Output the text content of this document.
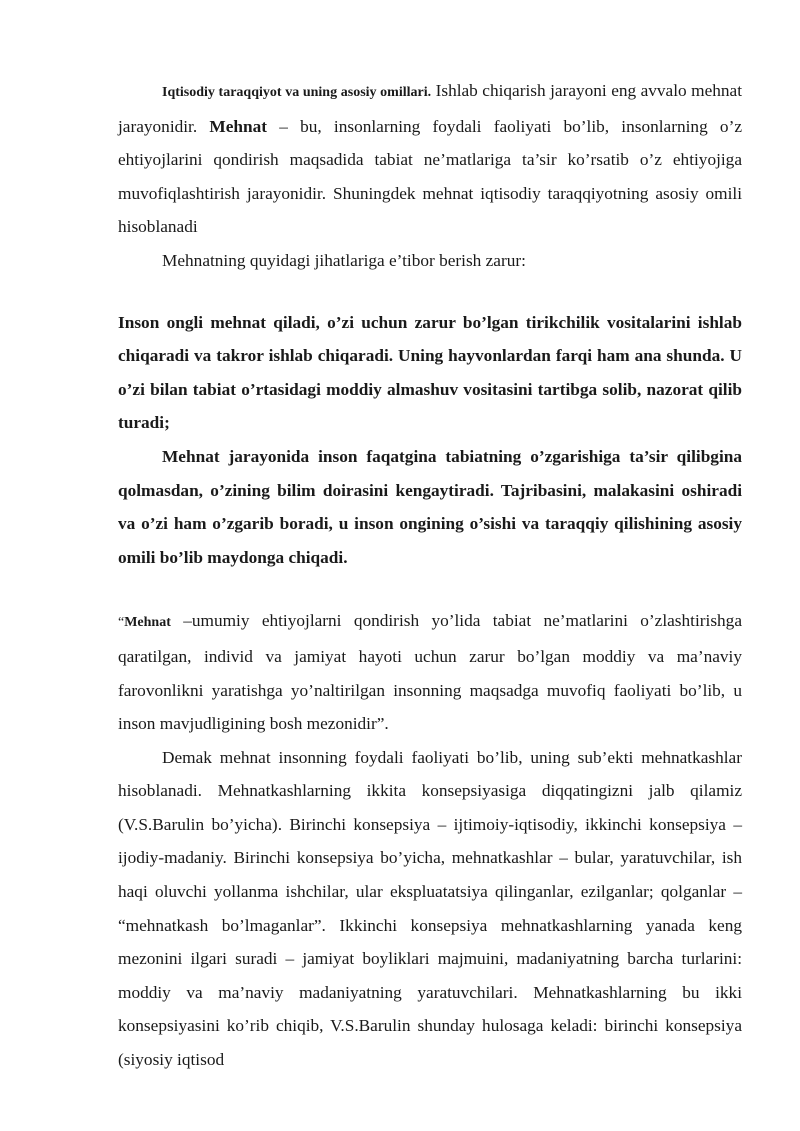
Iqtisodiy taraqqiyot va uning asosiy omillari. Ishlab chiqarish jarayoni eng avvalo mehnat jarayonidir. Mehnat – bu, insonlarning foydali faoliyati bo’lib, insonlarning o’z ehtiyojlarini qondirish maqsadida tabiat ne’matlariga ta’sir ko’rsatib o’z ehtiyojiga muvofiqlashtirish jarayonidir. Shuningdek mehnat iqtisodiy taraqqiyotning asosiy omili hisoblanadi

Mehnatning quyidagi jihatlariga e’tibor berish zarur:

Inson ongli mehnat qiladi, o’zi uchun zarur bo’lgan tirikchilik vositalarini ishlab chiqaradi va takror ishlab chiqaradi. Uning hayvonlardan farqi ham ana shunda. U o’zi bilan tabiat o’rtasidagi moddiy almashuv vositasini tartibga solib, nazorat qilib turadi;

Mehnat jarayonida inson faqatgina tabiatning o’zgarishiga ta’sir qilibgina qolmasdan, o’zining bilim doirasini kengaytiradi. Tajribasini, malakasini oshiradi va o’zi ham o’zgarib boradi, u inson ongining o’sishi va taraqqiy qilishining asosiy omili bo’lib maydonga chiqadi.

“Mehnat –umumiy ehtiyojlarni qondirish yo’lida tabiat ne’matlarini o’zlashtirishga qaratilgan, individ va jamiyat hayoti uchun zarur bo’lgan moddiy va ma’naviy farovonlikni yaratishga yo’naltirilgan insonning maqsadga muvofiq faoliyati bo’lib, u inson mavjudligining bosh mezonidir”.

Demak mehnat insonning foydali faoliyati bo’lib, uning sub’ekti mehnatkashlar hisoblanadi. Mehnatkashlarning ikkita konsepsiyasiga diqqatingizni jalb qilamiz (V.S.Barulin bo’yicha). Birinchi konsepsiya – ijtimoiy-iqtisodiy, ikkinchi konsepsiya – ijodiy-madaniy. Birinchi konsepsiya bo’yicha, mehnatkashlar – bular, yaratuvchilar, ish haqi oluvchi yollanma ishchilar, ular ekspluatatsiya qilinganlar, ezilganlar; qolganlar – “mehnatkash bo’lmaganlar”. Ikkinchi konsepsiya mehnatkashlarning yanada keng mezonini ilgari suradi – jamiyat boyliklari majmuini, madaniyatning barcha turlarini: moddiy va ma’naviy madaniyatning yaratuvchilari. Mehnatkashlarning bu ikki konsepsiyasini ko’rib chiqib, V.S.Barulin shunday hulosaga keladi: birinchi konsepsiya (siyosiy iqtisod
